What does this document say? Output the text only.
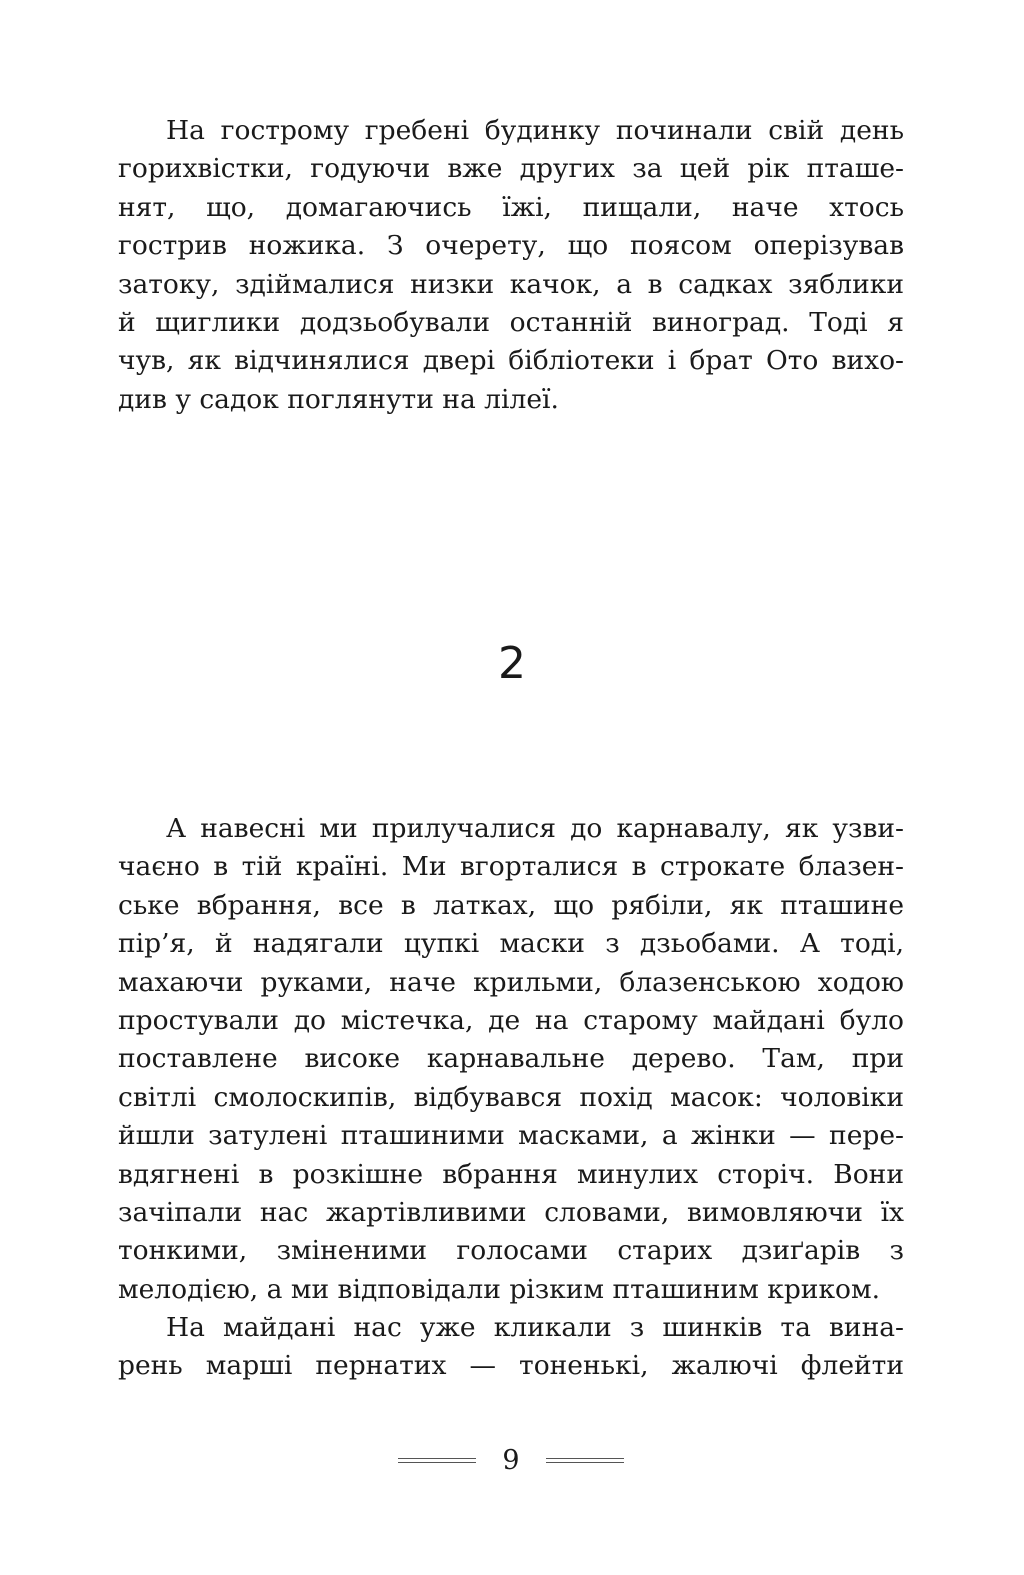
На гострому гребені будинку починали свій день
горихвістки, годуючи вже других за цей рік пташе-
нят, що, домагаючись їжі, пищали, наче хтось
гострив ножика. З очерету, що поясом оперізував
затоку, здіймалися низки качок, а в садках зяблики
й щиглики додзьобували останній виноград. Тоді я
чув, як відчинялися двері бібліотеки і брат Ото вихо-
див у садок поглянути на лілеї.
2
А навесні ми прилучалися до карнавалу, як узви-
чаєно в тій країні. Ми вгорталися в строкате блазен-
ське вбрання, все в латках, що рябіли, як пташине
пір’я, й надягали цупкі маски з дзьобами. А тоді,
махаючи руками, наче крильми, блазенською ходою
простували до містечка, де на старому майдані було
поставлене високе карнавальне дерево. Там, при
світлі смолоскипів, відбувався похід масок: чоловіки
йшли затулені пташиними масками, а жінки — пере-
вдягнені в розкішне вбрання минулих сторіч. Вони
зачіпали нас жартівливими словами, вимовляючи їх
тонкими, зміненими голосами старих дзиґарів з
мелодією, а ми відповідали різким пташиним криком.
На майдані нас уже кликали з шинків та винa-
рень марші пернатих — тоненькі, жалючі флейти
9
